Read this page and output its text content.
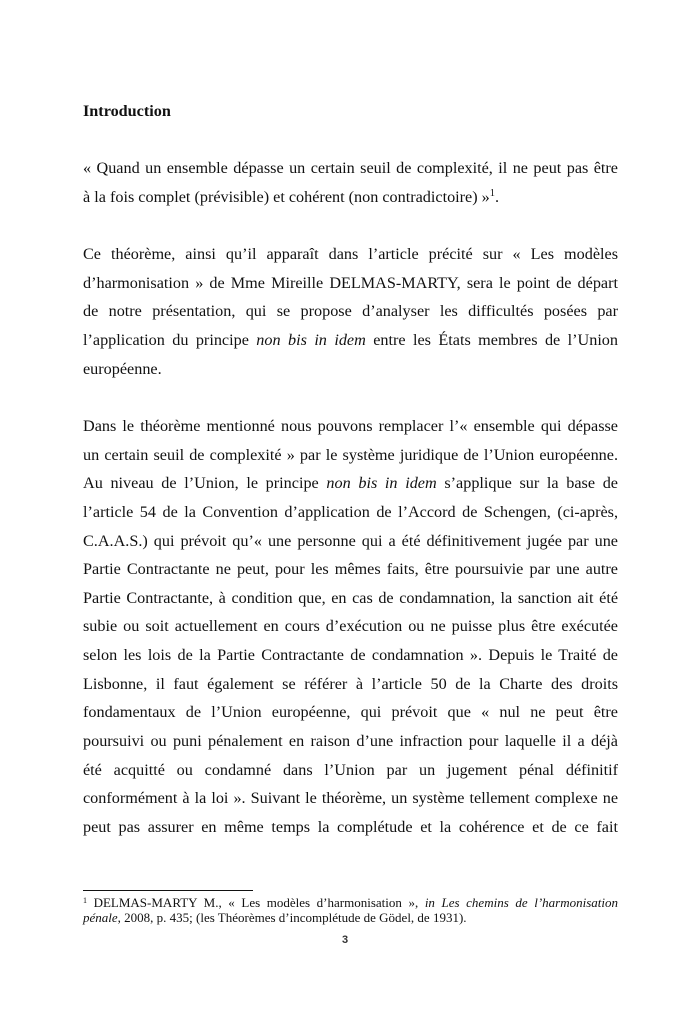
Introduction
« Quand un ensemble dépasse un certain seuil de complexité, il ne peut pas être
à la fois complet (prévisible) et cohérent (non contradictoire) »$^1$.
Ce théorème, ainsi qu’il apparaît dans l’article précité sur « Les modèles
d’harmonisation » de Mme Mireille DELMAS-MARTY, sera le point de départ
de notre présentation, qui se propose d’analyser les difficultés posées par
l’application du principe non bis in idem entre les États membres de l’Union
européenne.
Dans le théorème mentionné nous pouvons remplacer l’« ensemble qui dépasse
un certain seuil de complexité » par le système juridique de l’Union européenne.
Au niveau de l’Union, le principe non bis in idem s’applique sur la base de
l’article 54 de la Convention d’application de l’Accord de Schengen, (ci-après,
C.A.A.S.) qui prévoit qu’« une personne qui a été définitivement jugée par une
Partie Contractante ne peut, pour les mêmes faits, être poursuivie par une autre
Partie Contractante, à condition que, en cas de condamnation, la sanction ait été
subie ou soit actuellement en cours d’exécution ou ne puisse plus être exécutée
selon les lois de la Partie Contractante de condamnation ». Depuis le Traité de
Lisbonne, il faut également se référer à l’article 50 de la Charte des droits
fondamentaux de l’Union européenne, qui prévoit que « nul ne peut être
poursuivi ou puni pénalement en raison d’une infraction pour laquelle il a déjà
été acquitté ou condamné dans l’Union par un jugement pénal définitif
conformément à la loi ». Suivant le théorème, un système tellement complexe ne
peut pas assurer en même temps la complétude et la cohérence et de ce fait
$^1$ DELMAS-MARTY M., « Les modèles d’harmonisation », in Les chemins de l’harmonisation
pénale, 2008, p. 435; (les Théorèmes d’incomplétude de Gödel, de 1931).
3
